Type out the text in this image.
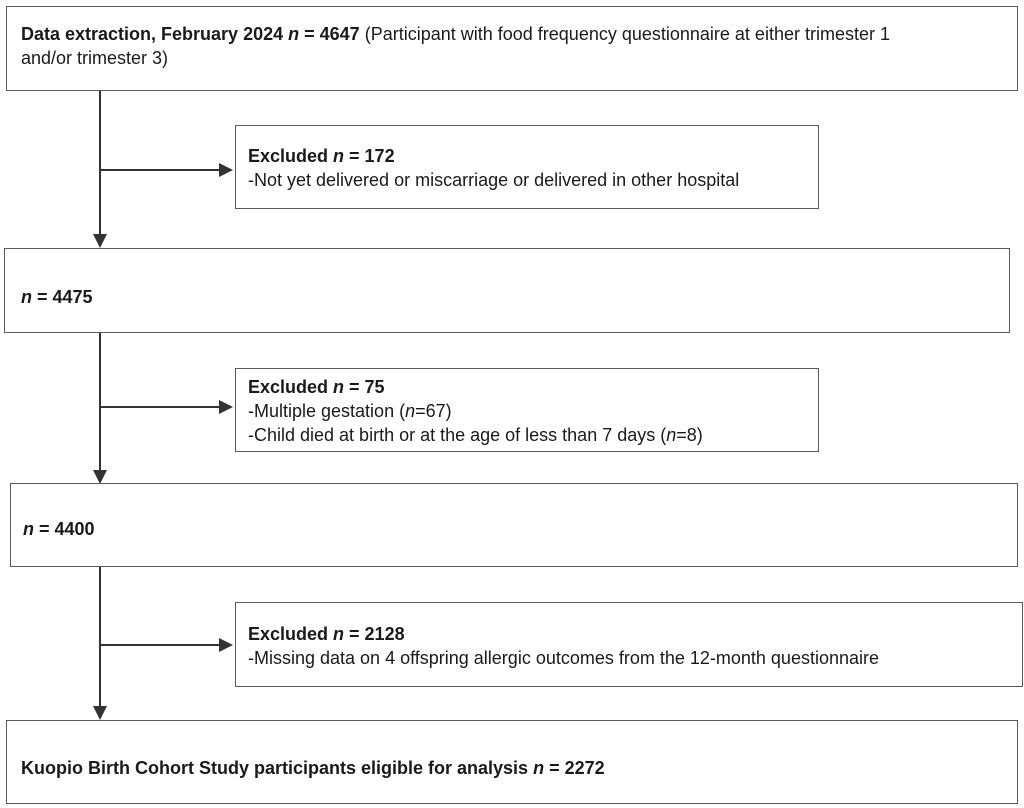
Data extraction, February 2024 n = 4647 (Participant with food frequency questionnaire at either trimester 1
and/or trimester 3)
Excluded n = 172
-Not yet delivered or miscarriage or delivered in other hospital
n = 4475
Excluded n = 75
-Multiple gestation (n=67)
-Child died at birth or at the age of less than 7 days (n=8)
n = 4400
Excluded n = 2128
-Missing data on 4 offspring allergic outcomes from the 12-month questionnaire
Kuopio Birth Cohort Study participants eligible for analysis n = 2272
